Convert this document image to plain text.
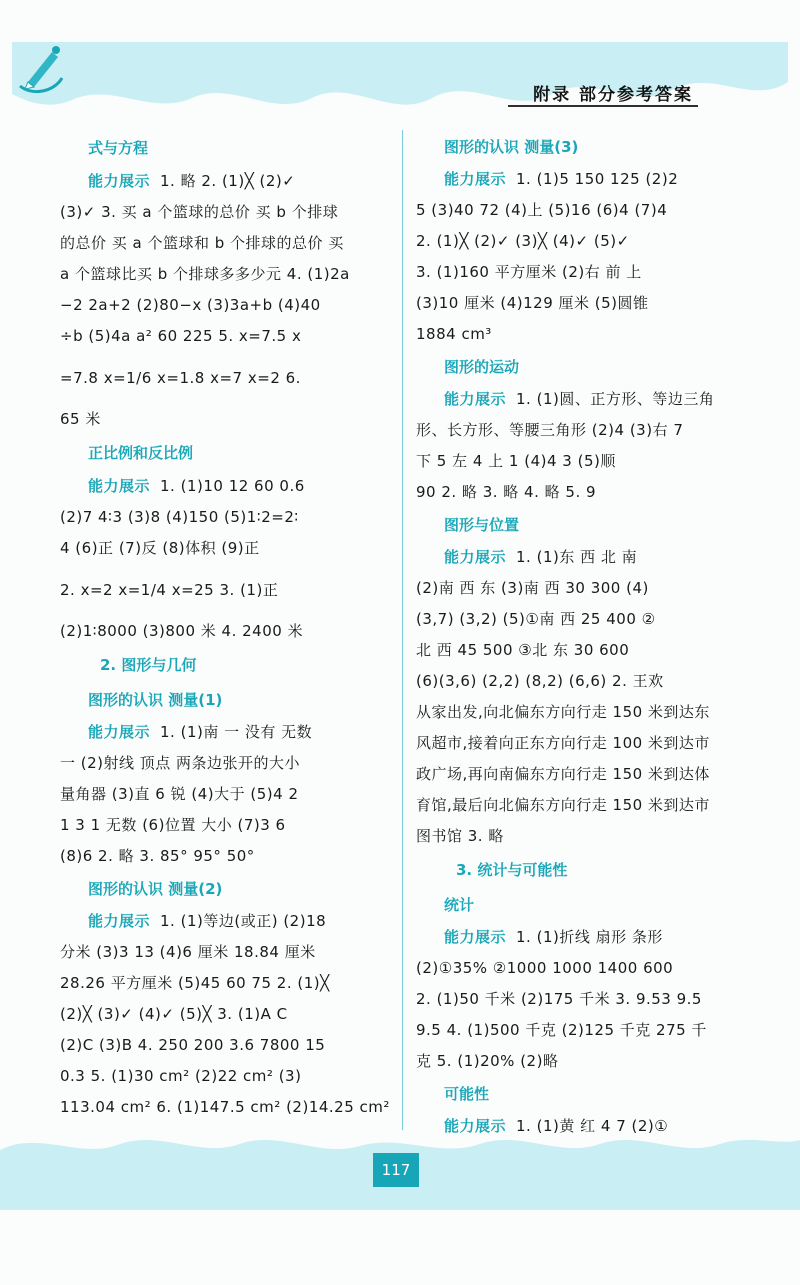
附录 部分参考答案
式与方程
能力展示 1. 略 2. (1)╳ (2)✓
(3)✓ 3. 买 a 个篮球的总价 买 b 个排球
的总价 买 a 个篮球和 b 个排球的总价 买
a 个篮球比买 b 个排球多多少元 4. (1)2a
−2 2a+2 (2)80−x (3)3a+b (4)40
÷b (5)4a a² 60 225 5. x=7.5 x
=7.8 x=1/6 x=1.8 x=7 x=2 6.
65 米
正比例和反比例
能力展示 1. (1)10 12 60 0.6
(2)7 4∶3 (3)8 (4)150 (5)1∶2=2∶
4 (6)正 (7)反 (8)体积 (9)正
2. x=2 x=1/4 x=25 3. (1)正
(2)1∶8000 (3)800 米 4. 2400 米
2. 图形与几何
图形的认识 测量(1)
能力展示 1. (1)南 一 没有 无数
一 (2)射线 顶点 两条边张开的大小
量角器 (3)直 6 锐 (4)大于 (5)4 2
1 3 1 无数 (6)位置 大小 (7)3 6
(8)6 2. 略 3. 85° 95° 50°
图形的认识 测量(2)
能力展示 1. (1)等边(或正) (2)18
分米 (3)3 13 (4)6 厘米 18.84 厘米
28.26 平方厘米 (5)45 60 75 2. (1)╳
(2)╳ (3)✓ (4)✓ (5)╳ 3. (1)A C
(2)C (3)B 4. 250 200 3.6 7800 15
0.3 5. (1)30 cm² (2)22 cm² (3)
113.04 cm² 6. (1)147.5 cm² (2)14.25 cm²
图形的认识 测量(3)
能力展示 1. (1)5 150 125 (2)2
5 (3)40 72 (4)上 (5)16 (6)4 (7)4
2. (1)╳ (2)✓ (3)╳ (4)✓ (5)✓
3. (1)160 平方厘米 (2)右 前 上
(3)10 厘米 (4)129 厘米 (5)圆锥
1884 cm³
图形的运动
能力展示 1. (1)圆、正方形、等边三角
形、长方形、等腰三角形 (2)4 (3)右 7
下 5 左 4 上 1 (4)4 3 (5)顺
90 2. 略 3. 略 4. 略 5. 9
图形与位置
能力展示 1. (1)东 西 北 南
(2)南 西 东 (3)南 西 30 300 (4)
(3,7) (3,2) (5)①南 西 25 400 ②
北 西 45 500 ③北 东 30 600
(6)(3,6) (2,2) (8,2) (6,6) 2. 王欢
从家出发,向北偏东方向行走 150 米到达东
风超市,接着向正东方向行走 100 米到达市
政广场,再向南偏东方向行走 150 米到达体
育馆,最后向北偏东方向行走 150 米到达市
图书馆 3. 略
3. 统计与可能性
统计
能力展示 1. (1)折线 扇形 条形
(2)①35% ②1000 1000 1400 600
2. (1)50 千米 (2)175 千米 3. 9.53 9.5
9.5 4. (1)500 千克 (2)125 千克 275 千
克 5. (1)20% (2)略
可能性
能力展示 1. (1)黄 红 4 7 (2)①
117
